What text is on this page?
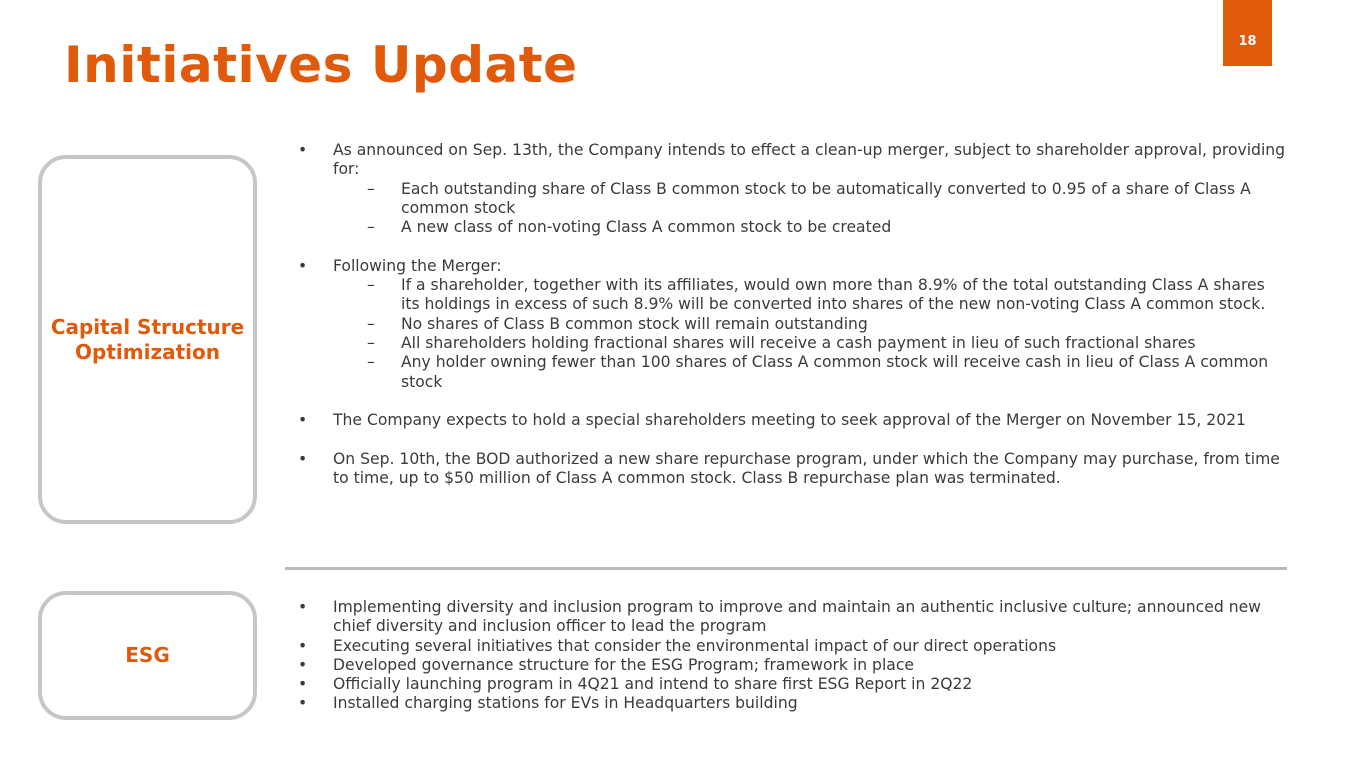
Initiatives Update	18
Capital Structure Optimization
• As announced on Sep. 13th, the Company intends to effect a clean-up merger, subject to shareholder approval, providing for:
– Each outstanding share of Class B common stock to be automatically converted to 0.95 of a share of Class A common stock
– A new class of non-voting Class A common stock to be created
• Following the Merger:
– If a shareholder, together with its affiliates, would own more than 8.9% of the total outstanding Class A shares its holdings in excess of such 8.9% will be converted into shares of the new non-voting Class A common stock.
– No shares of Class B common stock will remain outstanding
– All shareholders holding fractional shares will receive a cash payment in lieu of such fractional shares
– Any holder owning fewer than 100 shares of Class A common stock will receive cash in lieu of Class A common stock
• The Company expects to hold a special shareholders meeting to seek approval of the Merger on November 15, 2021
• On Sep. 10th, the BOD authorized a new share repurchase program, under which the Company may purchase, from time to time, up to $50 million of Class A common stock. Class B repurchase plan was terminated.
ESG
• Implementing diversity and inclusion program to improve and maintain an authentic inclusive culture; announced new chief diversity and inclusion officer to lead the program
• Executing several initiatives that consider the environmental impact of our direct operations
• Developed governance structure for the ESG Program; framework in place
• Officially launching program in 4Q21 and intend to share first ESG Report in 2Q22
• Installed charging stations for EVs in Headquarters building
